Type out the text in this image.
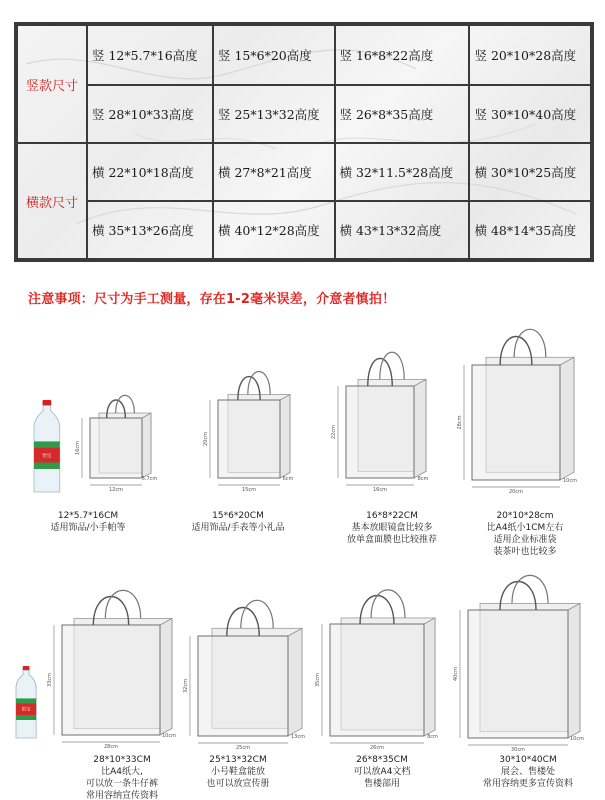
竖款尺寸	竖 12*5.7*16高度	竖 15*6*20高度	竖 16*8*22高度	竖 20*10*28高度
	竖 28*10*33高度	竖 25*13*32高度	竖 26*8*35高度	竖 30*10*40高度
横款尺寸	横 22*10*18高度	横 27*8*21高度	横 32*11.5*28高度	横 30*10*25高度
	横 35*13*26高度	横 40*12*28高度	横 43*13*32高度	横 48*14*35高度
注意事项：尺寸为手工测量，存在1-2毫米误差，介意者慎拍！
怡宝
怡宝
16cm
12cm
5.7cm
20cm
15cm
6cm
22cm
16cm
8cm
28cm
20cm
10cm
33cm
28cm
10cm
32cm
25cm
13cm
35cm
26cm
8cm
40cm
30cm
10cm
12*5.7*16CM
适用饰品/小手帕等
15*6*20CM
适用饰品/手表等小礼品
16*8*22CM
基本放眼镜盒比较多
放单盒面膜也比较推荐
20*10*28cm
比A4纸小1CM左右
适用企业标准袋
装茶叶也比较多
28*10*33CM
比A4纸大,
可以放一条牛仔裤
常用容纳宣传资料
25*13*32CM
小号鞋盒能放
也可以放宣传册
26*8*35CM
可以放A4文档
售楼部用
30*10*40CM
展会、售楼处
常用容纳更多宣传资料
